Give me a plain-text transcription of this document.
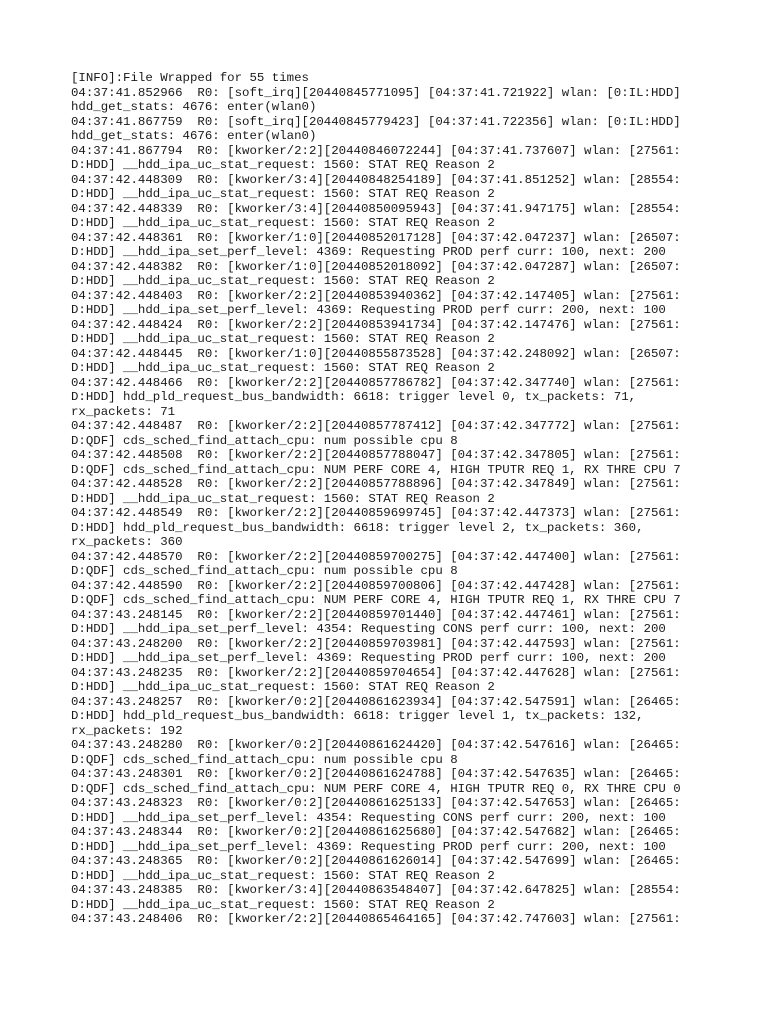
[INFO]:File Wrapped for 55 times
04:37:41.852966  R0: [soft_irq][20440845771095] [04:37:41.721922] wlan: [0:IL:HDD]
hdd_get_stats: 4676: enter(wlan0)
04:37:41.867759  R0: [soft_irq][20440845779423] [04:37:41.722356] wlan: [0:IL:HDD]
hdd_get_stats: 4676: enter(wlan0)
04:37:41.867794  R0: [kworker/2:2][20440846072244] [04:37:41.737607] wlan: [27561:
D:HDD] __hdd_ipa_uc_stat_request: 1560: STAT REQ Reason 2
04:37:42.448309  R0: [kworker/3:4][20440848254189] [04:37:41.851252] wlan: [28554:
D:HDD] __hdd_ipa_uc_stat_request: 1560: STAT REQ Reason 2
04:37:42.448339  R0: [kworker/3:4][20440850095943] [04:37:41.947175] wlan: [28554:
D:HDD] __hdd_ipa_uc_stat_request: 1560: STAT REQ Reason 2
04:37:42.448361  R0: [kworker/1:0][20440852017128] [04:37:42.047237] wlan: [26507:
D:HDD] __hdd_ipa_set_perf_level: 4369: Requesting PROD perf curr: 100, next: 200
04:37:42.448382  R0: [kworker/1:0][20440852018092] [04:37:42.047287] wlan: [26507:
D:HDD] __hdd_ipa_uc_stat_request: 1560: STAT REQ Reason 2
04:37:42.448403  R0: [kworker/2:2][20440853940362] [04:37:42.147405] wlan: [27561:
D:HDD] __hdd_ipa_set_perf_level: 4369: Requesting PROD perf curr: 200, next: 100
04:37:42.448424  R0: [kworker/2:2][20440853941734] [04:37:42.147476] wlan: [27561:
D:HDD] __hdd_ipa_uc_stat_request: 1560: STAT REQ Reason 2
04:37:42.448445  R0: [kworker/1:0][20440855873528] [04:37:42.248092] wlan: [26507:
D:HDD] __hdd_ipa_uc_stat_request: 1560: STAT REQ Reason 2
04:37:42.448466  R0: [kworker/2:2][20440857786782] [04:37:42.347740] wlan: [27561:
D:HDD] hdd_pld_request_bus_bandwidth: 6618: trigger level 0, tx_packets: 71,
rx_packets: 71
04:37:42.448487  R0: [kworker/2:2][20440857787412] [04:37:42.347772] wlan: [27561:
D:QDF] cds_sched_find_attach_cpu: num possible cpu 8
04:37:42.448508  R0: [kworker/2:2][20440857788047] [04:37:42.347805] wlan: [27561:
D:QDF] cds_sched_find_attach_cpu: NUM PERF CORE 4, HIGH TPUTR REQ 1, RX THRE CPU 7
04:37:42.448528  R0: [kworker/2:2][20440857788896] [04:37:42.347849] wlan: [27561:
D:HDD] __hdd_ipa_uc_stat_request: 1560: STAT REQ Reason 2
04:37:42.448549  R0: [kworker/2:2][20440859699745] [04:37:42.447373] wlan: [27561:
D:HDD] hdd_pld_request_bus_bandwidth: 6618: trigger level 2, tx_packets: 360,
rx_packets: 360
04:37:42.448570  R0: [kworker/2:2][20440859700275] [04:37:42.447400] wlan: [27561:
D:QDF] cds_sched_find_attach_cpu: num possible cpu 8
04:37:42.448590  R0: [kworker/2:2][20440859700806] [04:37:42.447428] wlan: [27561:
D:QDF] cds_sched_find_attach_cpu: NUM PERF CORE 4, HIGH TPUTR REQ 1, RX THRE CPU 7
04:37:43.248145  R0: [kworker/2:2][20440859701440] [04:37:42.447461] wlan: [27561:
D:HDD] __hdd_ipa_set_perf_level: 4354: Requesting CONS perf curr: 100, next: 200
04:37:43.248200  R0: [kworker/2:2][20440859703981] [04:37:42.447593] wlan: [27561:
D:HDD] __hdd_ipa_set_perf_level: 4369: Requesting PROD perf curr: 100, next: 200
04:37:43.248235  R0: [kworker/2:2][20440859704654] [04:37:42.447628] wlan: [27561:
D:HDD] __hdd_ipa_uc_stat_request: 1560: STAT REQ Reason 2
04:37:43.248257  R0: [kworker/0:2][20440861623934] [04:37:42.547591] wlan: [26465:
D:HDD] hdd_pld_request_bus_bandwidth: 6618: trigger level 1, tx_packets: 132,
rx_packets: 192
04:37:43.248280  R0: [kworker/0:2][20440861624420] [04:37:42.547616] wlan: [26465:
D:QDF] cds_sched_find_attach_cpu: num possible cpu 8
04:37:43.248301  R0: [kworker/0:2][20440861624788] [04:37:42.547635] wlan: [26465:
D:QDF] cds_sched_find_attach_cpu: NUM PERF CORE 4, HIGH TPUTR REQ 0, RX THRE CPU 0
04:37:43.248323  R0: [kworker/0:2][20440861625133] [04:37:42.547653] wlan: [26465:
D:HDD] __hdd_ipa_set_perf_level: 4354: Requesting CONS perf curr: 200, next: 100
04:37:43.248344  R0: [kworker/0:2][20440861625680] [04:37:42.547682] wlan: [26465:
D:HDD] __hdd_ipa_set_perf_level: 4369: Requesting PROD perf curr: 200, next: 100
04:37:43.248365  R0: [kworker/0:2][20440861626014] [04:37:42.547699] wlan: [26465:
D:HDD] __hdd_ipa_uc_stat_request: 1560: STAT REQ Reason 2
04:37:43.248385  R0: [kworker/3:4][20440863548407] [04:37:42.647825] wlan: [28554:
D:HDD] __hdd_ipa_uc_stat_request: 1560: STAT REQ Reason 2
04:37:43.248406  R0: [kworker/2:2][20440865464165] [04:37:42.747603] wlan: [27561:
